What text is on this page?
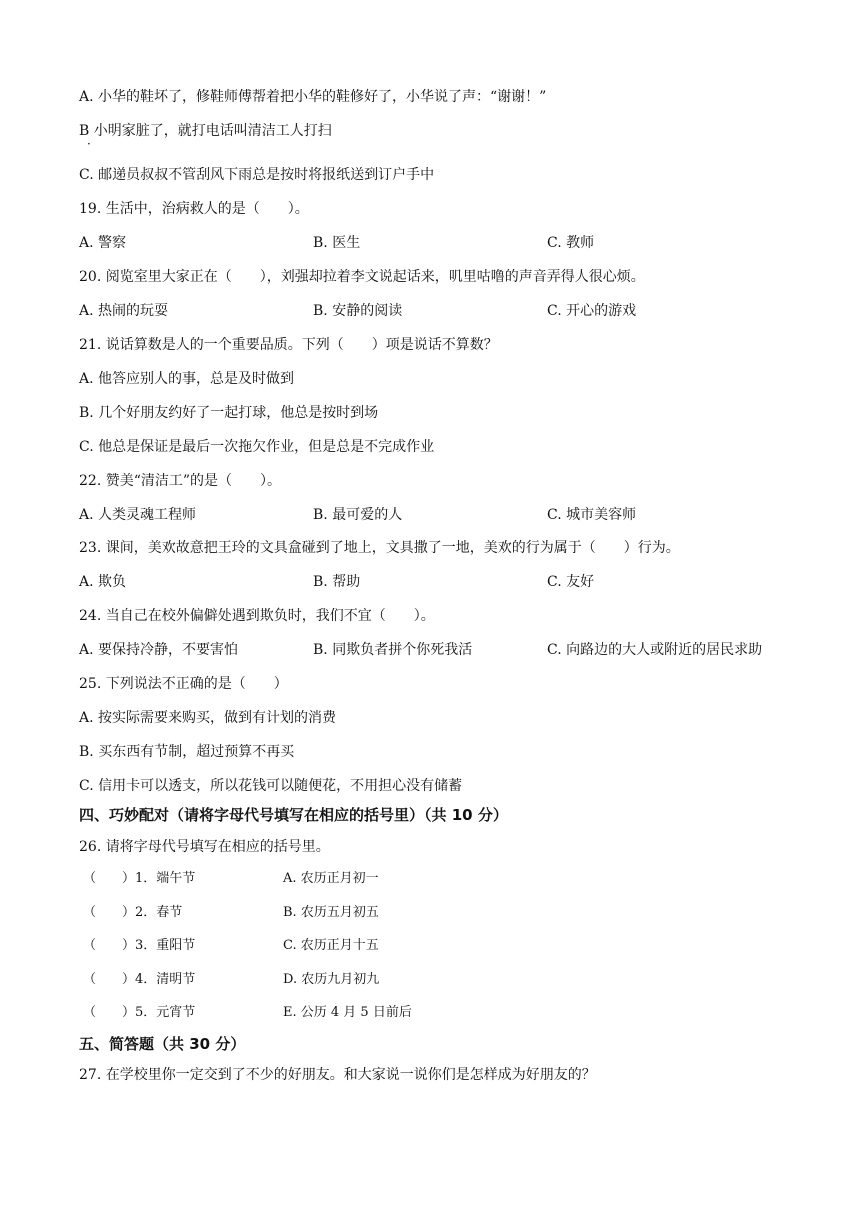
A. 小华的鞋坏了，修鞋师傅帮着把小华的鞋修好了，小华说了声：“谢谢！”
B 小明家脏了，就打电话叫清洁工人打扫
·
C. 邮递员叔叔不管刮风下雨总是按时将报纸送到订户手中
19. 生活中，治病救人的是（　　）。
A. 警察	B. 医生	C. 教师
20. 阅览室里大家正在（　　），刘强却拉着李文说起话来，叽里咕噜的声音弄得人很心烦。
A. 热闹的玩耍	B. 安静的阅读	C. 开心的游戏
21. 说话算数是人的一个重要品质。下列（　　）项是说话不算数？
A. 他答应别人的事，总是及时做到
B. 几个好朋友约好了一起打球，他总是按时到场
C. 他总是保证是最后一次拖欠作业，但是总是不完成作业
22. 赞美“清洁工”的是（　　）。
A. 人类灵魂工程师	B. 最可爱的人	C. 城市美容师
23. 课间，美欢故意把王玲的文具盒碰到了地上，文具撒了一地，美欢的行为属于（　　）行为。
A. 欺负	B. 帮助	C. 友好
24. 当自己在校外偏僻处遇到欺负时，我们不宜（　　）。
A. 要保持冷静，不要害怕	B. 同欺负者拼个你死我活	C. 向路边的大人或附近的居民求助
25. 下列说法不正确的是（　　）
A. 按实际需要来购买，做到有计划的消费
B. 买东西有节制，超过预算不再买
C. 信用卡可以透支，所以花钱可以随便花，不用担心没有储蓄
四、巧妙配对（请将字母代号填写在相应的括号里）（共 10 分）
26. 请将字母代号填写在相应的括号里。
（　　）1．端午节	A. 农历正月初一
（　　）2．春节	B. 农历五月初五
（　　）3．重阳节	C. 农历正月十五
（　　）4．清明节	D. 农历九月初九
（　　）5．元宵节	E. 公历 4 月 5 日前后
五、简答题（共 30 分）
27. 在学校里你一定交到了不少的好朋友。和大家说一说你们是怎样成为好朋友的？
